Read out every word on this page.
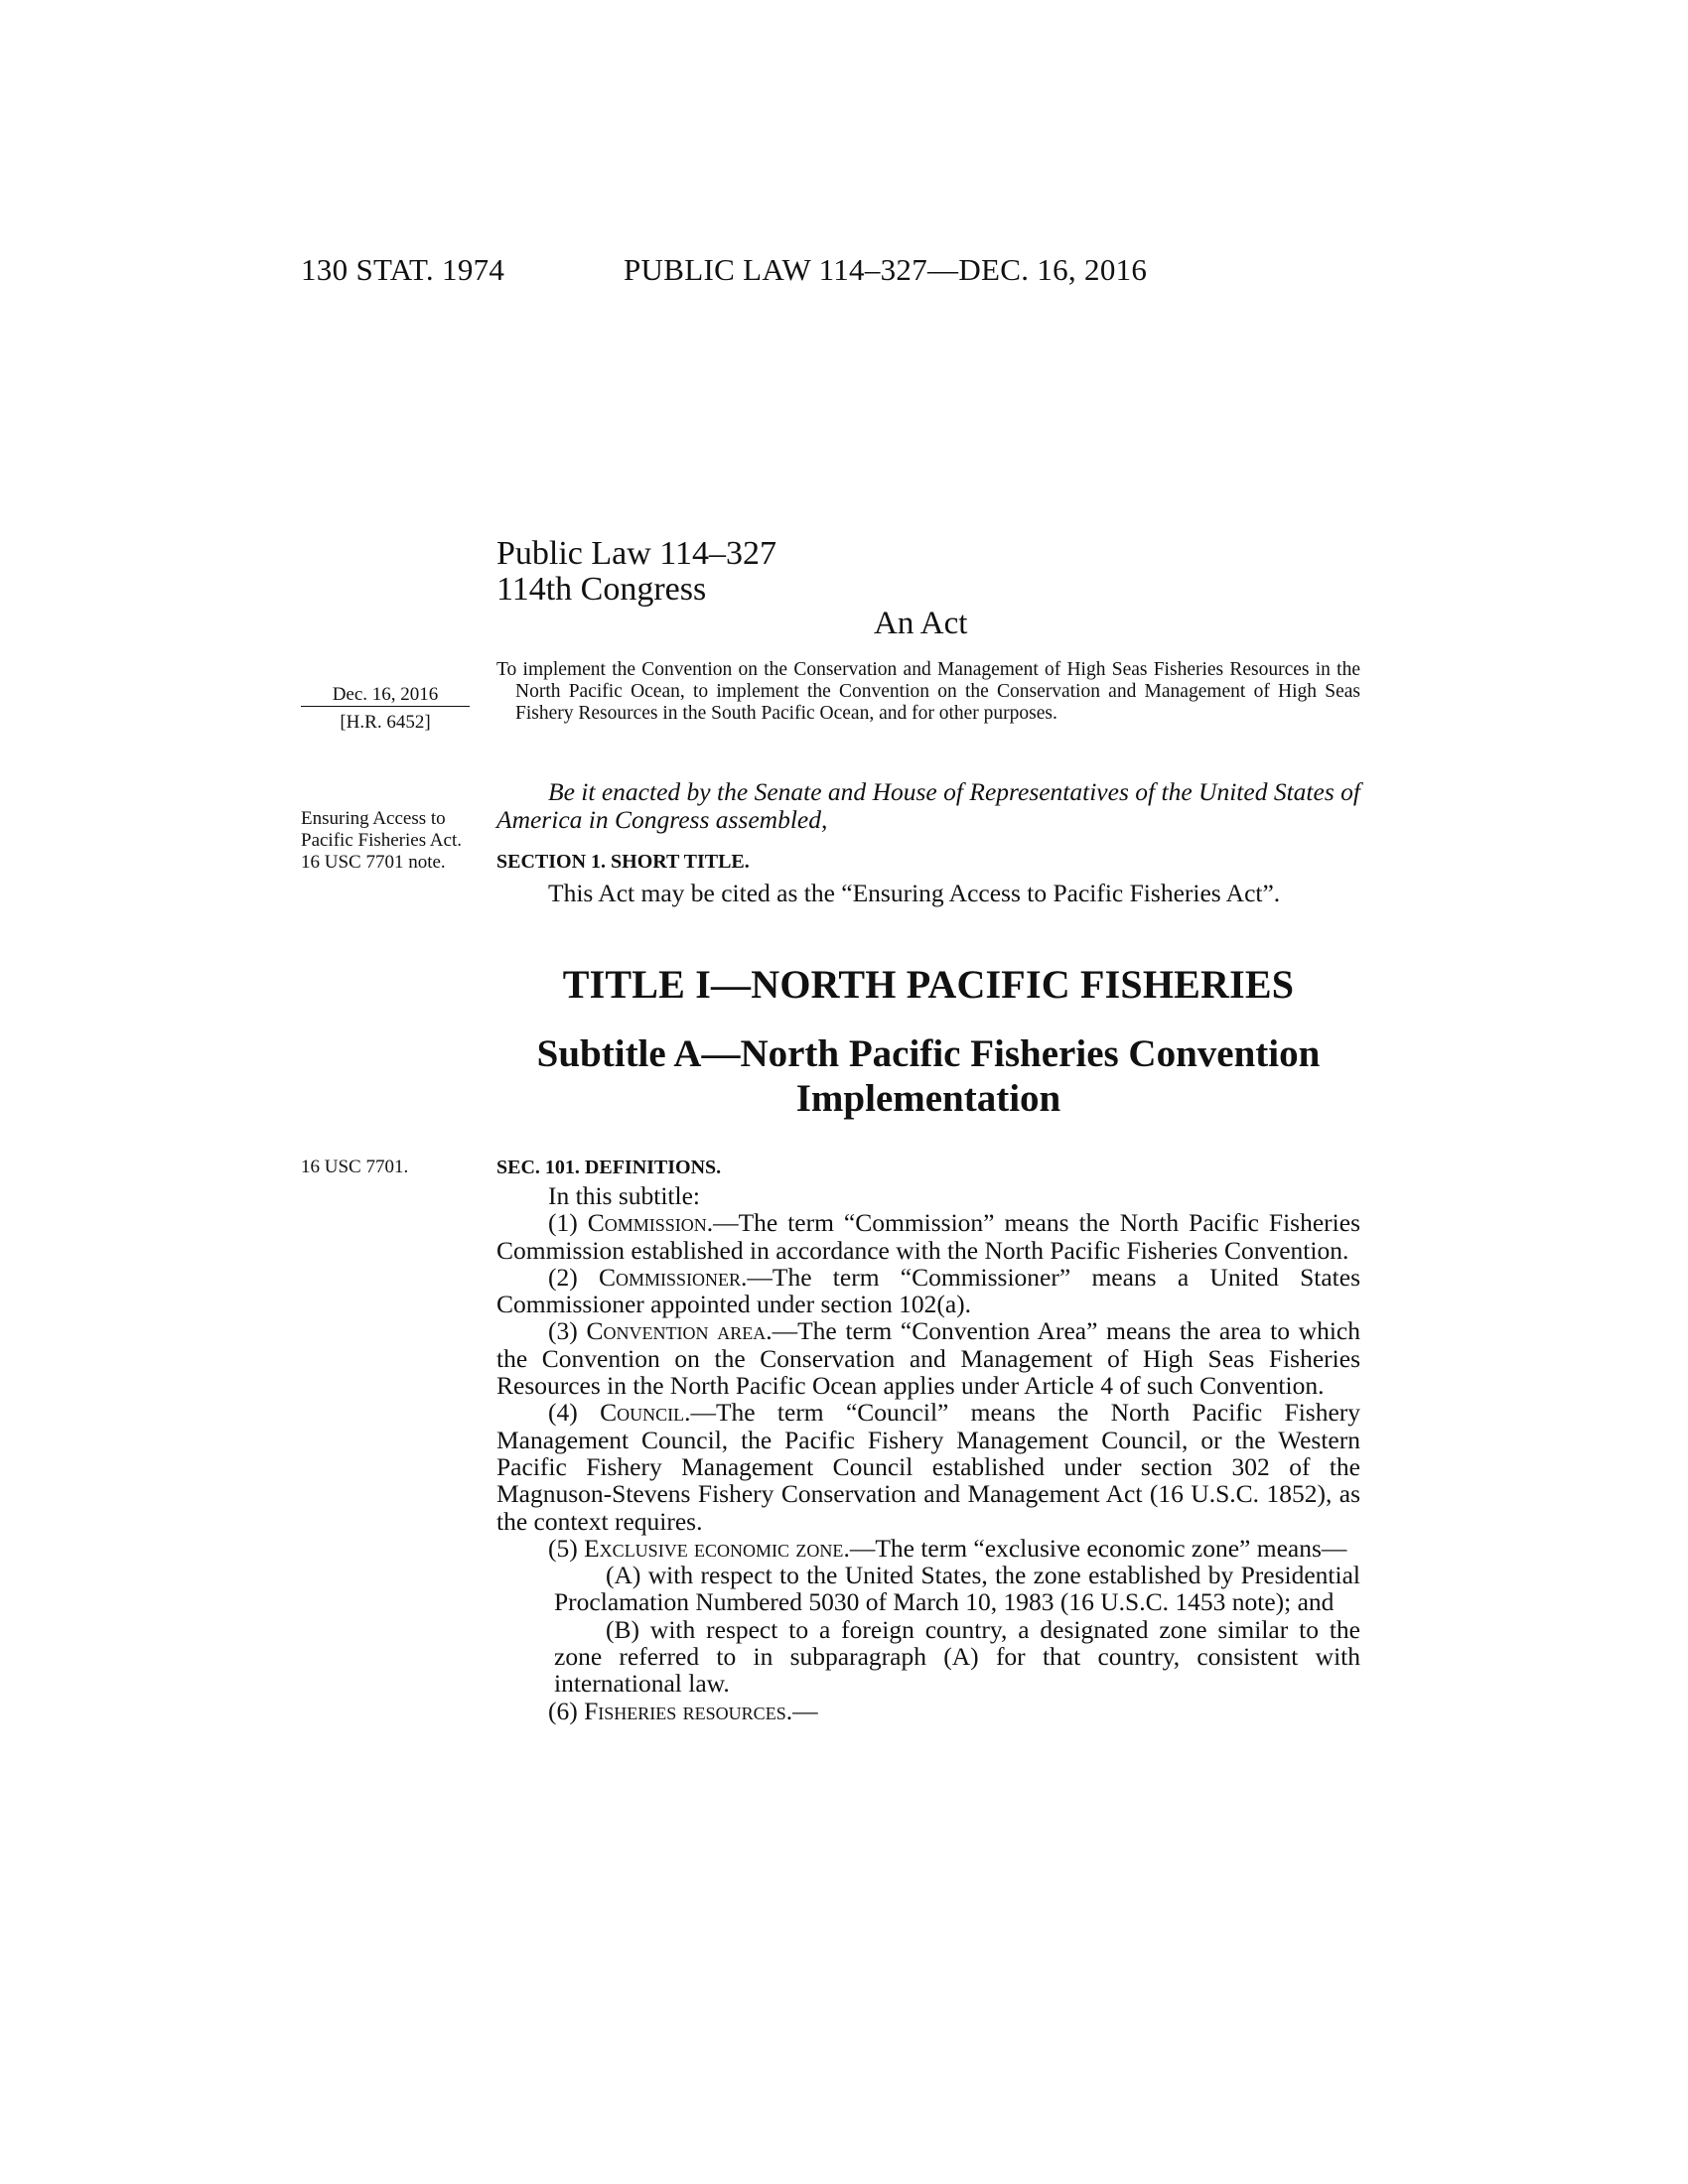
130 STAT. 1974	PUBLIC LAW 114–327—DEC. 16, 2016
Public Law 114–327
114th Congress
An Act
Dec. 16, 2016
[H.R. 6452]
To implement the Convention on the Conservation and Management of High Seas Fisheries Resources in the North Pacific Ocean, to implement the Convention on the Conservation and Management of High Seas Fishery Resources in the South Pacific Ocean, and for other purposes.
Ensuring Access to Pacific Fisheries Act. 16 USC 7701 note.
Be it enacted by the Senate and House of Representatives of the United States of America in Congress assembled,
SECTION 1. SHORT TITLE.
This Act may be cited as the “Ensuring Access to Pacific Fisheries Act”.
TITLE I—NORTH PACIFIC FISHERIES
Subtitle A—North Pacific Fisheries Convention Implementation
16 USC 7701.	SEC. 101. DEFINITIONS.

In this subtitle:

(1) Commission.—The term “Commission” means the North Pacific Fisheries Commission established in accordance with the North Pacific Fisheries Convention.

(2) Commissioner.—The term “Commissioner” means a United States Commissioner appointed under section 102(a).

(3) Convention area.—The term “Convention Area” means the area to which the Convention on the Conservation and Management of High Seas Fisheries Resources in the North Pacific Ocean applies under Article 4 of such Convention.

(4) Council.—The term “Council” means the North Pacific Fishery Management Council, the Pacific Fishery Management Council, or the Western Pacific Fishery Management Council established under section 302 of the Magnuson-Stevens Fishery Conservation and Management Act (16 U.S.C. 1852), as the context requires.

(5) Exclusive economic zone.—The term “exclusive economic zone” means—

(A) with respect to the United States, the zone established by Presidential Proclamation Numbered 5030 of March 10, 1983 (16 U.S.C. 1453 note); and

(B) with respect to a foreign country, a designated zone similar to the zone referred to in subparagraph (A) for that country, consistent with international law.

(6) Fisheries resources.—
